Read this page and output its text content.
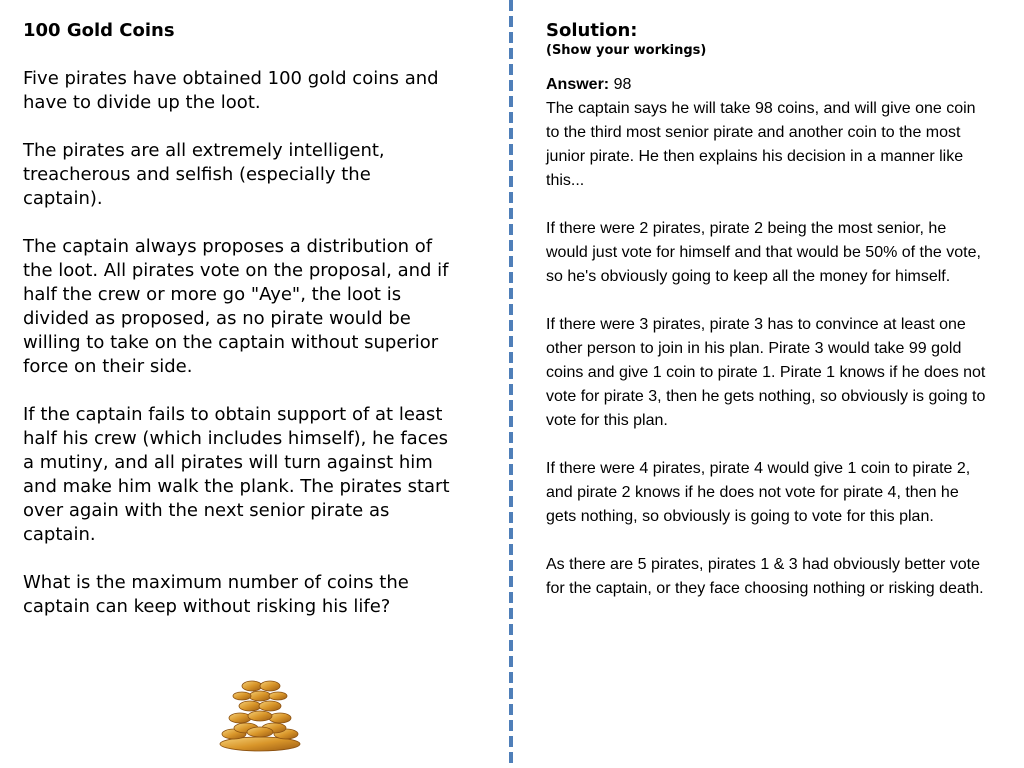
100 Gold Coins

Five pirates have obtained 100 gold coins and have to divide up the loot.

The pirates are all extremely intelligent, treacherous and selfish (especially the captain).

The captain always proposes a distribution of the loot. All pirates vote on the proposal, and if half the crew or more go "Aye", the loot is divided as proposed, as no pirate would be willing to take on the captain without superior force on their side.

If the captain fails to obtain support of at least half his crew (which includes himself), he faces a mutiny, and all pirates will turn against him and make him walk the plank. The pirates start over again with the next senior pirate as captain.

What is the maximum number of coins the captain can keep without risking his life?

Solution:
(Show your workings)
Answer: 98

The captain says he will take 98 coins, and will give one coin to the third most senior pirate and another coin to the most junior pirate. He then explains his decision in a manner like this...

If there were 2 pirates, pirate 2 being the most senior, he would just vote for himself and that would be 50% of the vote, so he's obviously going to keep all the money for himself.

If there were 3 pirates, pirate 3 has to convince at least one other person to join in his plan. Pirate 3 would take 99 gold coins and give 1 coin to pirate 1. Pirate 1 knows if he does not vote for pirate 3, then he gets nothing, so obviously is going to vote for this plan.

If there were 4 pirates, pirate 4 would give 1 coin to pirate 2, and pirate 2 knows if he does not vote for pirate 4, then he gets nothing, so obviously is going to vote for this plan.

As there are 5 pirates, pirates 1 & 3 had obviously better vote for the captain, or they face choosing nothing or risking death.
